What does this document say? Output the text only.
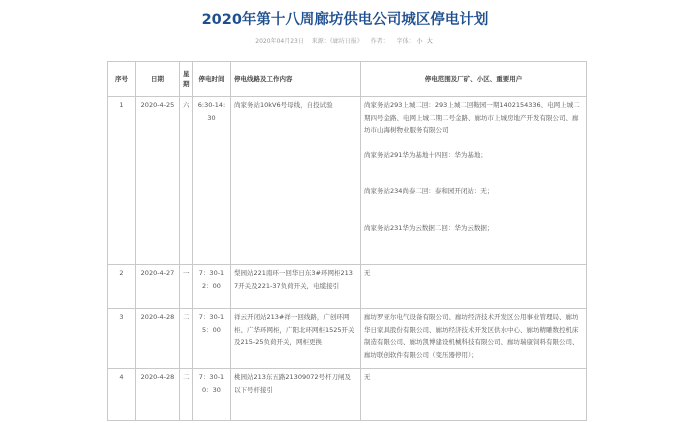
2020年第十八周廊坊供电公司城区停电计划
2020年04月23日 来源：《廊坊日报》 作者： 字体： 小 大
序号	日期	星期	停电时间	停电线路及工作内容	停电范围及厂矿、小区、重要用户
1	2020-4-25	六	6:30-14:30	尚家务站10kV6号母线，自投试验	尚家务站293上城二回：293上城二回鞍园一期1402154336、电网上城二期四号金路、电网上城二期二号金路、廊坊市上城房地产开发有限公司、廊坊市山海树物业服务有限公司
尚家务站291华为基地十四回：华为基地；
尚家务站234尚泰二回：泰和园开闭站：无；
尚家务站231华为云数据二回：华为云数据；

2	2020-4-27	一	7：30-12：00	梨园站221南环一回华日东3#环网柜2137开关及221-37负荷开关，电缆接引	无
3	2020-4-28	二	7：30-15：00	祥云开闭站213#祥一回线路，广创环网柜、广华环网柜，广阳北环网柜1525开关及215-25负荷开关，网柜更换	廊坊罗亚尔电气设备有限公司、廊坊经济技术开发区公用事业管理局、廊坊华日家具股份有限公司、廊坊经济技术开发区供水中心、廊坊精雕数控机床制造有限公司、廊坊凯博建设机械科技有限公司、廊坊瑞康饲料有限公司、廊坊联创软件有限公司（变压器停用）；
4	2020-4-28	二	7：30-10：30	桃园站213东五路21309072号杆刀闸及以下号杆接引	无
